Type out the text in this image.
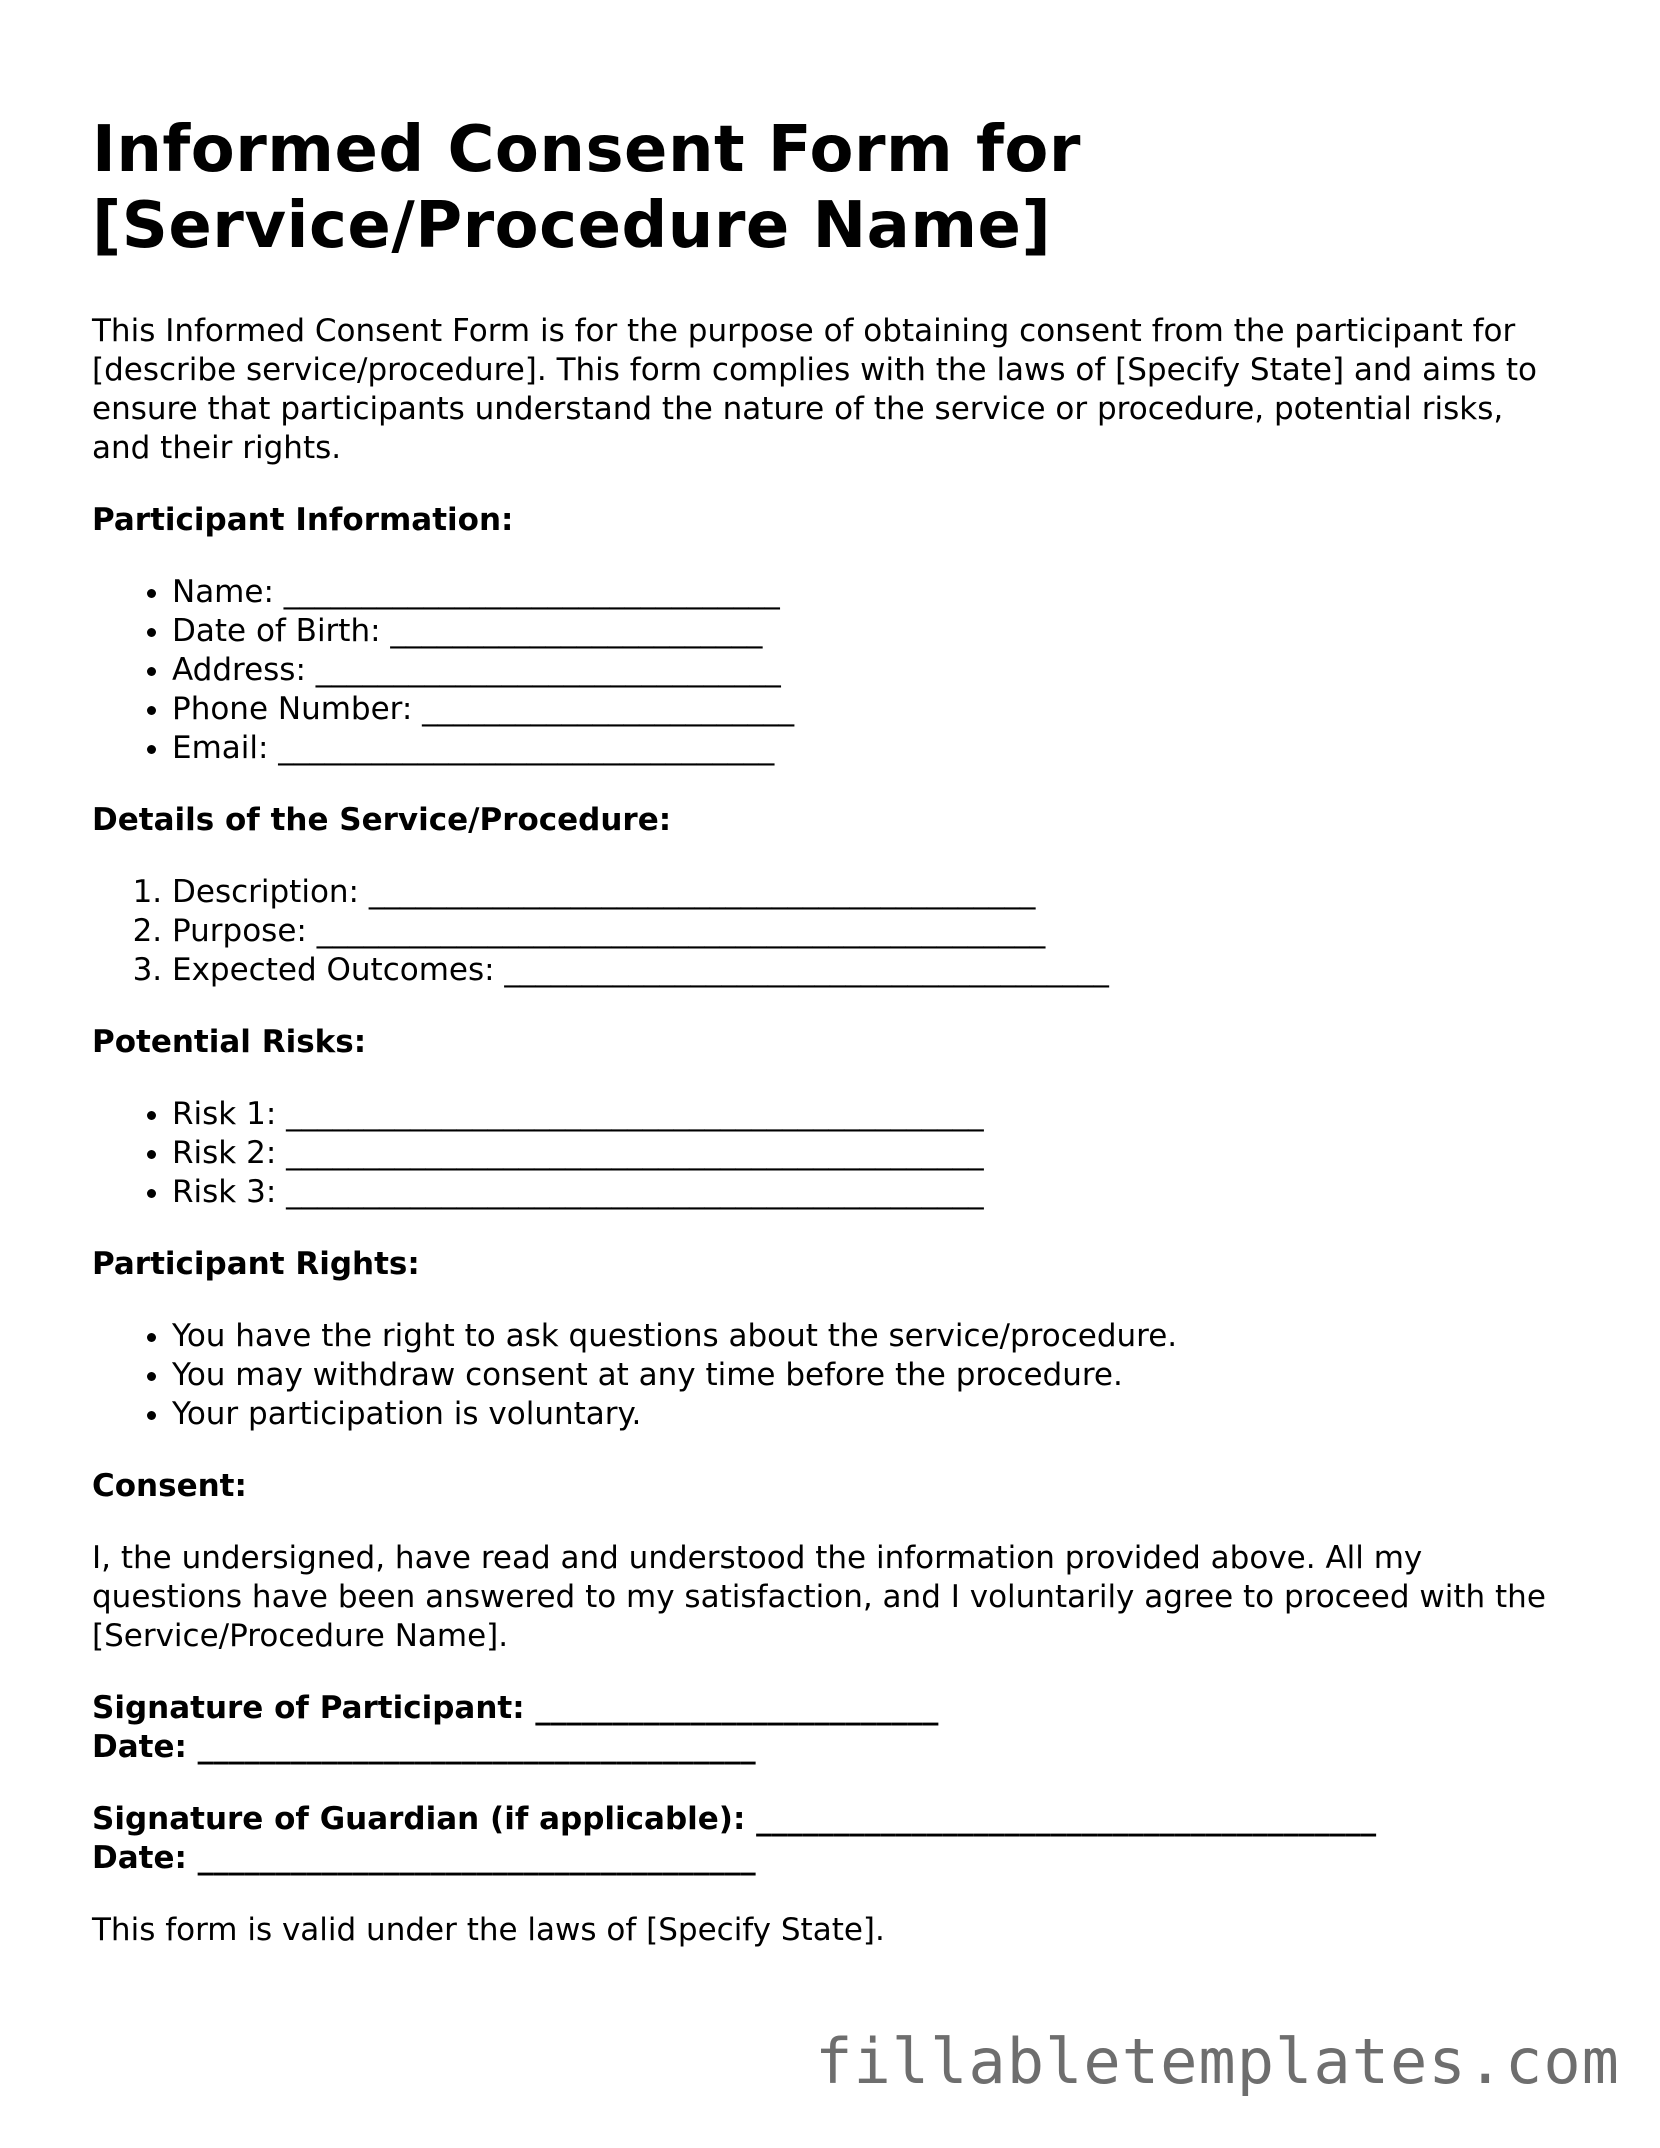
Informed Consent Form for
[Service/Procedure Name]

This Informed Consent Form is for the purpose of obtaining consent from the participant for [describe service/procedure]. This form complies with the laws of [Specify State] and aims to ensure that participants understand the nature of the service or procedure, potential risks, and their rights.

Participant Information:
• Name: ________________________________
• Date of Birth: ________________________
• Address: ______________________________
• Phone Number: ________________________
• Email: ________________________________
Details of the Service/Procedure:
1. Description: ___________________________________________
2. Purpose: _______________________________________________
3. Expected Outcomes: _______________________________________
Potential Risks:
• Risk 1: _____________________________________________
• Risk 2: _____________________________________________
• Risk 3: _____________________________________________
Participant Rights:
• You have the right to ask questions about the service/procedure.
• You may withdraw consent at any time before the procedure.
• Your participation is voluntary.
Consent:

I, the undersigned, have read and understood the information provided above. All my questions have been answered to my satisfaction, and I voluntarily agree to proceed with the [Service/Procedure Name].

Signature of Participant: __________________________
Date: ____________________________________
Signature of Guardian (if applicable): ________________________________________
Date: ____________________________________

This form is valid under the laws of [Specify State].

fillabletemplates.com
